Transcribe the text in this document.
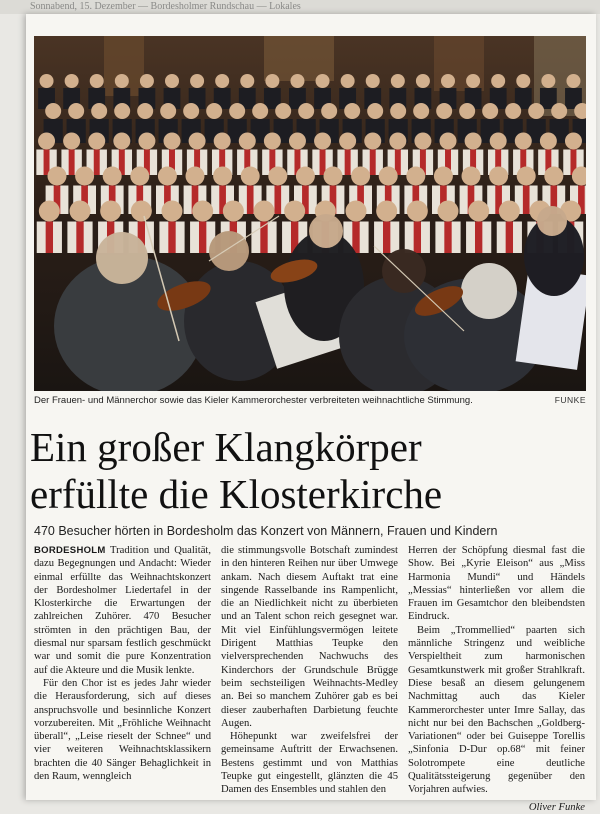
Sonnabend, 15. Dezember — Bordesholmer Rundschau — Lokales
Der Frauen- und Männerchor sowie das Kieler Kammerorchester verbreiteten weihnachtliche Stimmung.	FUNKE
Ein großer Klangkörper
erfüllte die Klosterkirche
470 Besucher hörten in Bordesholm das Konzert von Männern, Frauen und Kindern

BORDESHOLM Tradition und Qualität, dazu Begegnungen und Andacht: Wieder einmal erfüllte das Weihnachtskonzert der Bordesholmer Liedertafel in der Klosterkirche die Erwartungen der zahlreichen Zuhörer. 470 Besucher strömten in den prächtigen Bau, der diesmal nur sparsam festlich geschmückt war und somit die pure Konzentration auf die Akteure und die Musik lenkte.

Für den Chor ist es jedes Jahr wieder die Herausforderung, sich auf dieses anspruchsvolle und besinnliche Konzert vorzubereiten. Mit „Fröhliche Weihnacht überall“, „Leise rieselt der Schnee“ und vier weiteren Weihnachtsklassikern brachten die 40 Sänger Behaglichkeit in den Raum, wenngleich

die stimmungsvolle Botschaft zumindest in den hinteren Reihen nur über Umwege ankam. Nach diesem Auftakt trat eine singende Rasselbande ins Rampenlicht, die an Niedlichkeit nicht zu überbieten und an Talent schon reich gesegnet war. Mit viel Einfühlungsvermögen leitete Dirigent Matthias Teupke den vielversprechenden Nachwuchs des Kinderchors der Grundschule Brügge beim sechsteiligen Weihnachts-Medley an. Bei so manchem Zuhörer gab es bei dieser zauberhaften Darbietung feuchte Augen.

Höhepunkt war zweifelsfrei der gemeinsame Auftritt der Erwachsenen. Bestens gestimmt und von Matthias Teupke gut eingestellt, glänzten die 45 Damen des Ensembles und stahlen den

Herren der Schöpfung diesmal fast die Show. Bei „Kyrie Eleison“ aus „Miss Harmonia Mundi“ und Händels „Messias“ hinterließen vor allem die Frauen im Gesamtchor den bleibendsten Eindruck.

Beim „Trommellied“ paarten sich männliche Stringenz und weibliche Verspieltheit zum harmonischen Gesamtkunstwerk mit großer Strahlkraft. Diese besaß an diesem gelungenem Nachmittag auch das Kieler Kammerorchester unter Imre Sallay, das nicht nur bei den Bachschen „Goldberg-Variationen“ oder bei Guiseppe Torellis „Sinfonia D-Dur op.68“ mit feiner Solotrompete eine deutliche Qualitätssteigerung gegenüber den Vorjahren aufwies.

Oliver Funke
